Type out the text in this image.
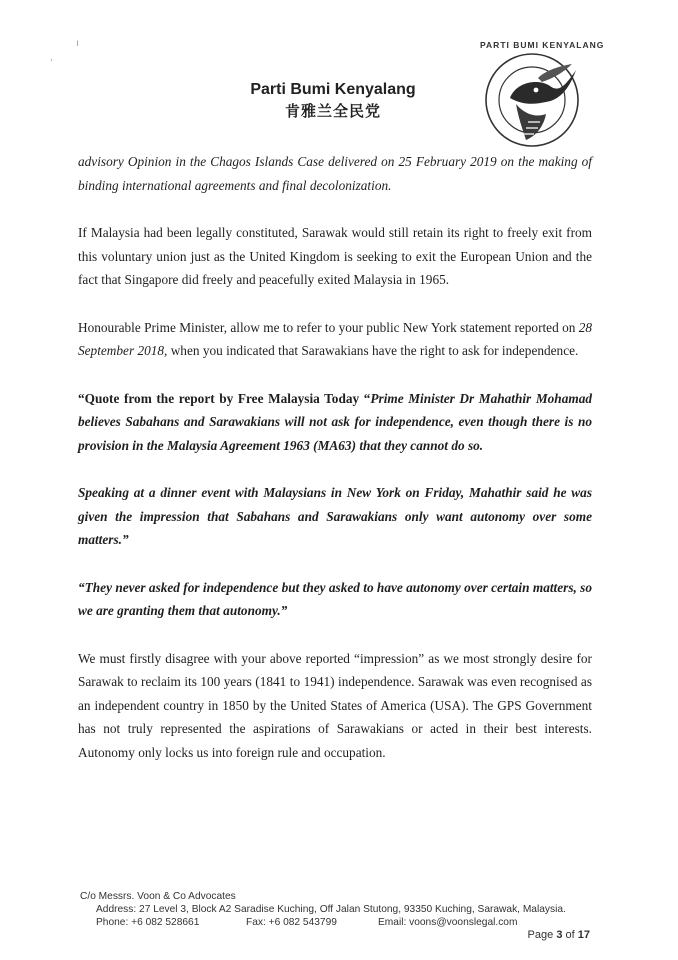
ı
,
Parti Bumi Kenyalang
肯雅兰全民党
PARTI BUMI KENYALANG

advisory Opinion in the Chagos Islands Case delivered on 25 February 2019 on the making of binding international agreements and final decolonization.

If Malaysia had been legally constituted, Sarawak would still retain its right to freely exit from this voluntary union just as the United Kingdom is seeking to exit the European Union and the fact that Singapore did freely and peacefully exited Malaysia in 1965.

Honourable Prime Minister, allow me to refer to your public New York statement reported on 28 September 2018, when you indicated that Sarawakians have the right to ask for independence.

“Quote from the report by Free Malaysia Today “Prime Minister Dr Mahathir Mohamad believes Sabahans and Sarawakians will not ask for independence, even though there is no provision in the Malaysia Agreement 1963 (MA63) that they cannot do so.

Speaking at a dinner event with Malaysians in New York on Friday, Mahathir said he was given the impression that Sabahans and Sarawakians only want autonomy over some matters.”

“They never asked for independence but they asked to have autonomy over certain matters, so we are granting them that autonomy.”

We must firstly disagree with your above reported “impression” as we most strongly desire for Sarawak to reclaim its 100 years (1841 to 1941) independence. Sarawak was even recognised as an independent country in 1850 by the United States of America (USA). The GPS Government has not truly represented the aspirations of Sarawakians or acted in their best interests. Autonomy only locks us into foreign rule and occupation.

C/o Messrs. Voon & Co Advocates
Address: 27 Level 3, Block A2 Saradise Kuching, Off Jalan Stutong, 93350 Kuching, Sarawak, Malaysia.
Phone: +6 082 528661	Fax: +6 082 543799	Email: voons@voonslegal.com
Page 3 of 17
